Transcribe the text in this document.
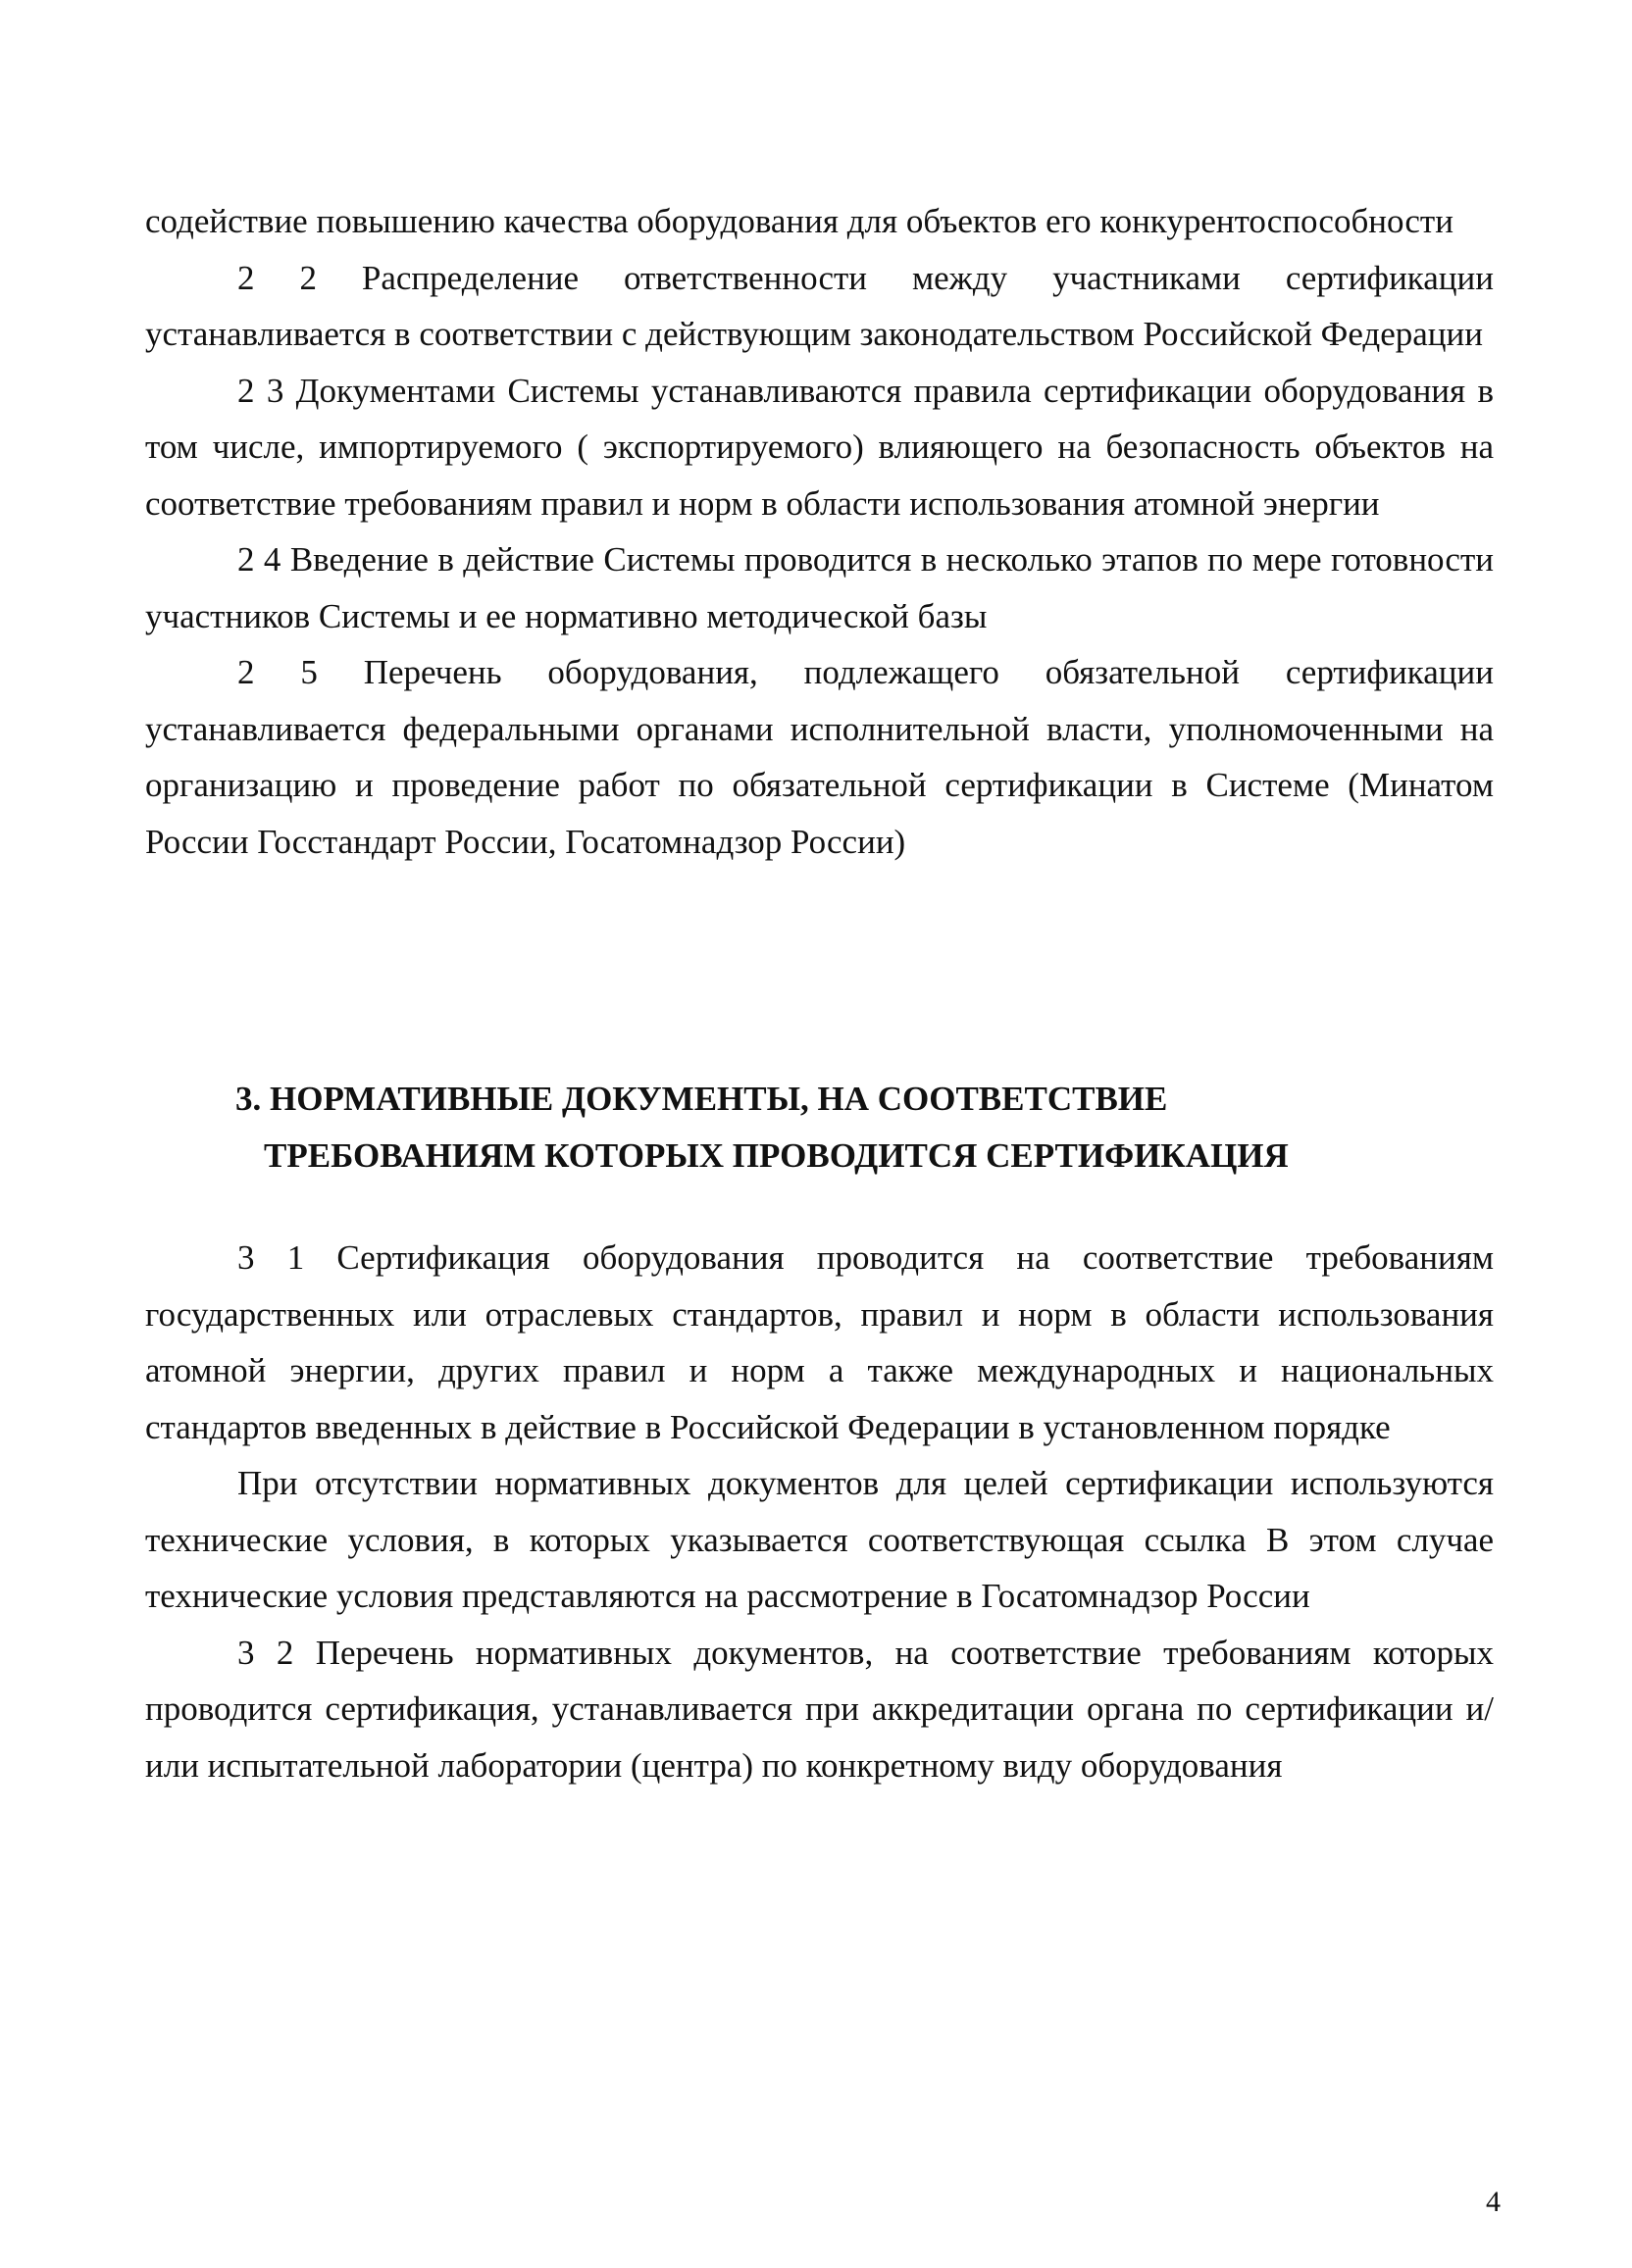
содействие повышению качества оборудования для объектов его конкурентоспособности

2 2 Распределение ответственности между участниками сертификации устанавливается в соответствии с действующим законодательством Российской Федерации

2 3 Документами Системы устанавливаются правила сертификации оборудования в том числе, импортируемого ( экспортируемого) влияющего на безопасность объектов на соответствие требованиям правил и норм в области использования атомной энергии

2 4 Введение в действие Системы проводится в несколько этапов по мере готовности участников Системы и ее нормативно методической базы

2 5 Перечень оборудования, подлежащего обязательной сертификации устанавливается федеральными органами исполнительной власти, уполномоченными на организацию и проведение работ по обязательной сертификации в Системе (Минатом России Госстандарт России, Госатомнадзор России)

3. НОРМАТИВНЫЕ ДОКУМЕНТЫ, НА СООТВЕТСТВИЕ
ТРЕБОВАНИЯМ КОТОРЫХ ПРОВОДИТСЯ СЕРТИФИКАЦИЯ

3 1 Сертификация оборудования проводится на соответствие требованиям государственных или отраслевых стандартов, правил и норм в области использования атомной энергии, других правил и норм а также международных и национальных стандартов введенных в действие в Российской Федерации в установленном порядке

При отсутствии нормативных документов для целей сертификации используются технические условия, в которых указывается соответствующая ссылка В этом случае технические условия представляются на рассмотрение в Госатомнадзор России

3 2 Перечень нормативных документов, на соответствие требованиям которых проводится сертификация, устанавливается при аккредитации органа по сертификации и/или испытательной лаборатории (центра) по конкретному виду оборудования

4
